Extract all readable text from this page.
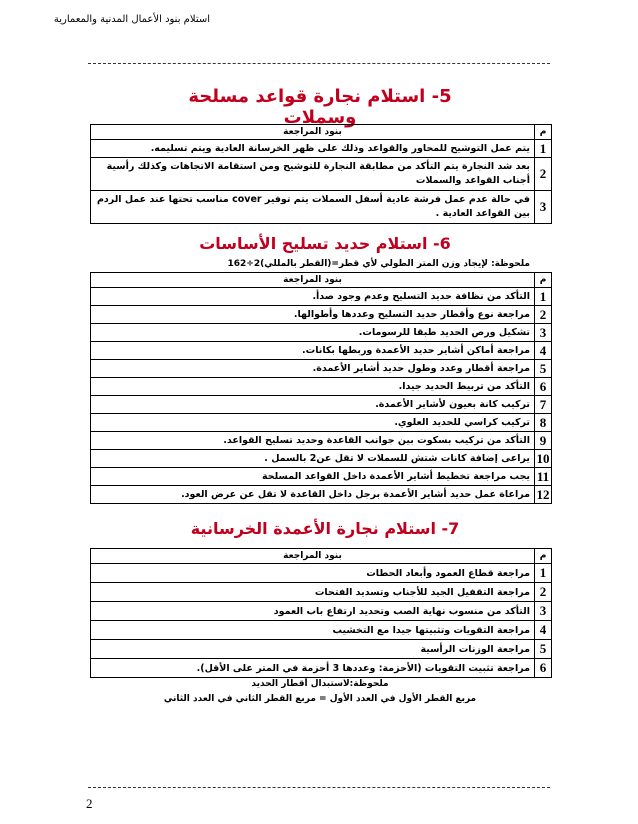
استلام بنود الأعمال المدنية والمعمارية
5- استلام نجارة قواعد مسلحة وسملات
م	بنود المراجعة
1	يتم عمل التوشيح للمحاور والقواعد وذلك على ظهر الخرسانة العادية ويتم تسليمه.
2	بعد شد النجارة يتم التأكد من مطابقة النجارة للتوشيح ومن استقامة الاتجاهات وكذلك رأسية أجناب القواعد والسملات
3	في حالة عدم عمل فرشة عادية أسفل السملات يتم توفير cover مناسب تحتها عند عمل الردم بين القواعد العادية .
6- استلام حديد تسليح الأساسات
ملحوظة: لإيجاد وزن المتر الطولي لأي قطر=(القطر بالمللي)2÷162
م	بنود المراجعة
1	التأكد من نظافة حديد التسليح وعدم وجود صدأ.
2	مراجعة نوع وأقطار حديد التسليح وعددها وأطوالها.
3	تشكيل ورص الحديد طبقا للرسومات.
4	مراجعة أماكن أشاير حديد الأعمدة وربطها بكانات.
5	مراجعة أقطار وعدد وطول حديد أشاير الأعمدة.
6	التأكد من تربيط الحديد جيدا.
7	تركيب كانة بعيون لأشاير الأعمدة.
8	تركيب كراسي للحديد العلوي.
9	التأكد من تركيب بسكوت بين جوانب القاعدة وحديد تسليح القواعد.
10	يراعى إضافة كانات شتش للسملات لا تقل عن2 بالسمل .
11	يجب مراجعة تخطيط أشاير الأعمدة داخل القواعد المسلحة
12	مراعاة عمل حديد أشاير الأعمدة برجل داخل القاعدة لا تقل عن عرض العود.
7- استلام نجارة الأعمدة الخرسانية
م	بنود المراجعة
1	مراجعة قطاع العمود وأبعاد الحطات
2	مراجعة التقفيل الجيد للأجناب وتسديد الفتحات
3	التأكد من منسوب نهاية الصب وتحديد ارتفاع باب العمود
4	مراجعة التقويات وتثبيتها جيدا مع التخشيب
5	مراجعة الوزنات الرأسية
6	مراجعة تثبيت التقويات (الأحزمة: وعددها 3 أحزمة في المتر على الأقل).
ملحوظة:لاستبدال أقطار الحديد
مربع القطر الأول في العدد الأول = مربع القطر الثاني في العدد الثاني
2
